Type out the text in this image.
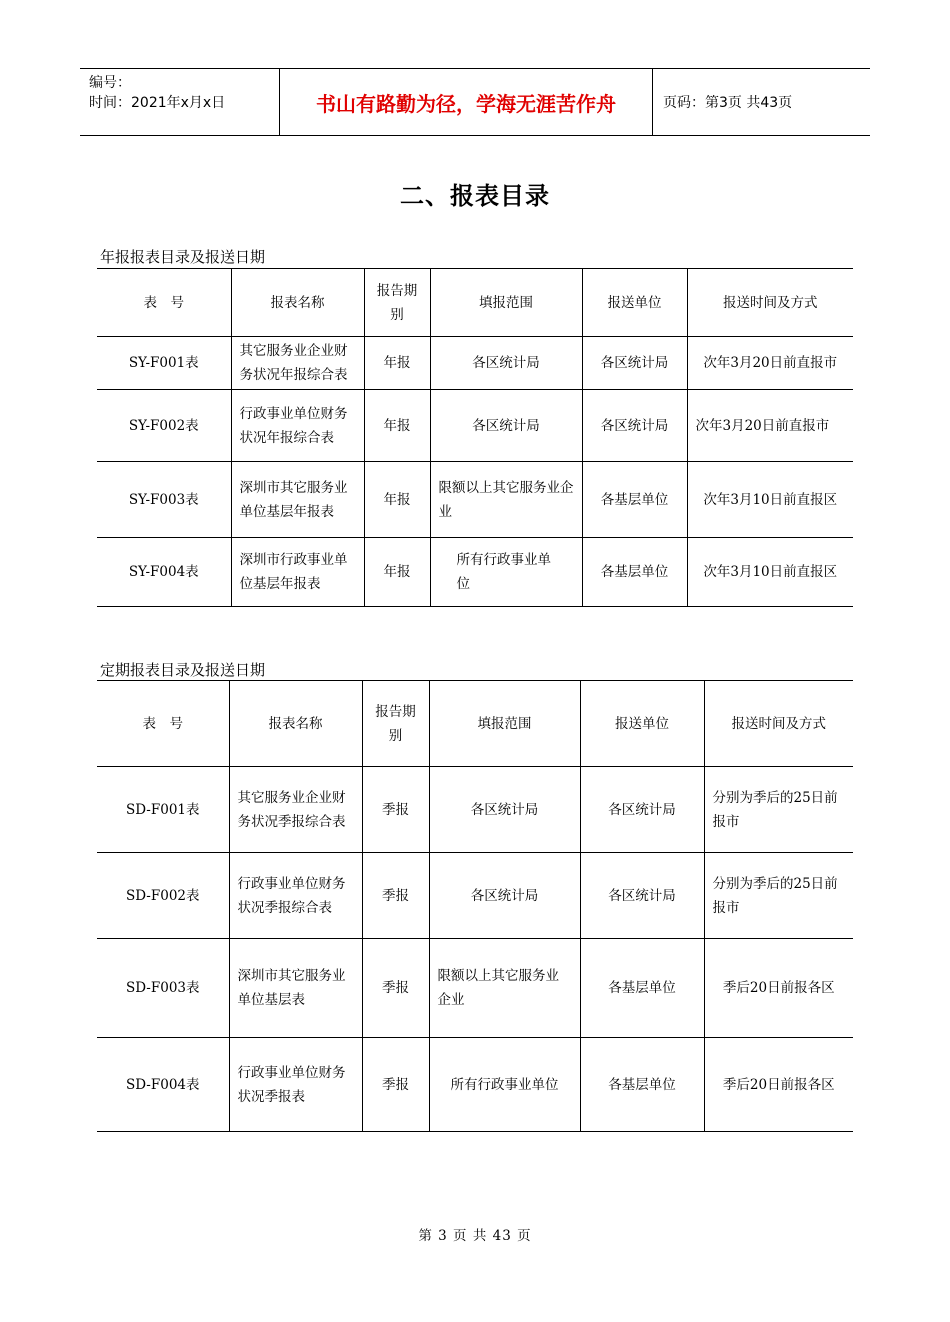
编号：
时间：2021年x月x日	书山有路勤为径，学海无涯苦作舟	页码：第3页 共43页
二、报表目录
年报报表目录及报送日期
表　号	报表名称	报告期别	填报范围	报送单位	报送时间及方式
SY-F001表	其它服务业企业财务状况年报综合表	年报	各区统计局	各区统计局	次年3月20日前直报市
SY-F002表	行政事业单位财务状况年报综合表	年报	各区统计局	各区统计局	次年3月20日前直报市
SY-F003表	深圳市其它服务业单位基层年报表	年报	限额以上其它服务业企业	各基层单位	次年3月10日前直报区
SY-F004表	深圳市行政事业单位基层年报表	年报	所有行政事业单位	各基层单位	次年3月10日前直报区
定期报表目录及报送日期
表　号	报表名称	报告期别	填报范围	报送单位	报送时间及方式
SD-F001表	其它服务业企业财务状况季报综合表	季报	各区统计局	各区统计局	分别为季后的25日前报市
SD-F002表	行政事业单位财务状况季报综合表	季报	各区统计局	各区统计局	分别为季后的25日前报市
SD-F003表	深圳市其它服务业单位基层表	季报	限额以上其它服务业企业	各基层单位	季后20日前报各区
SD-F004表	行政事业单位财务状况季报表	季报	所有行政事业单位	各基层单位	季后20日前报各区
第 3 页 共 43 页
